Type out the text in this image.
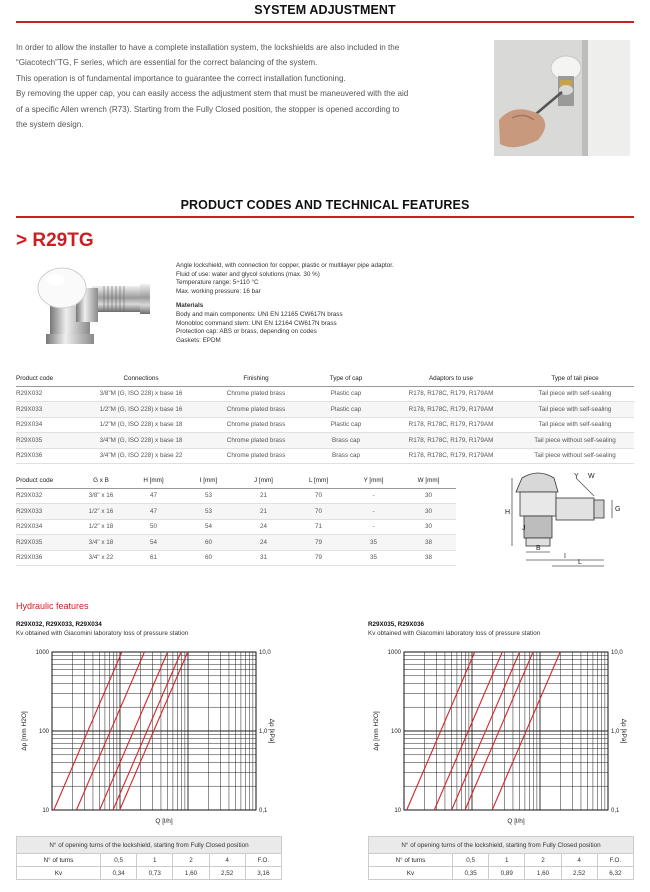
SYSTEM ADJUSTMENT
In order to allow the installer to have a complete installation system, the lockshields are also included in the
“Giacotech”TG, F series, which are essential for the correct balancing of the system.
This operation is of fundamental importance to guarantee the correct installation functioning.
By removing the upper cap, you can easily access the adjustment stem that must be maneuvered with the aid
of a specific Allen wrench (R73). Starting from the Fully Closed position, the stopper is opened according to
the system design.
PRODUCT CODES AND TECHNICAL FEATURES
> R29TG
Angle lockshield, with connection for copper, plastic or multilayer pipe adaptor.
Fluid of use: water and glycol solutions (max. 30 %)
Temperature range: 5÷110 °C
Max. working pressure: 16 bar
Materials
Body and main components: UNI EN 12165 CW617N brass
Monobloc command stem: UNI EN 12164 CW617N brass
Protection cap: ABS or brass, depending on codes
Gaskets: EPDM
Product code	Connections	Finishing	Type of cap	Adaptors to use	Type of tail piece
R29X032	3/8"M (G, ISO 228) x base 16	Chrome plated brass	Plastic cap	R178, R178C, R179, R179AM	Tail piece with self-sealing
R29X033	1/2"M (G, ISO 228) x base 16	Chrome plated brass	Plastic cap	R178, R178C, R179, R179AM	Tail piece with self-sealing
R29X034	1/2"M (G, ISO 228) x base 18	Chrome plated brass	Plastic cap	R178, R178C, R179, R179AM	Tail piece with self-sealing
R29X035	3/4"M (G, ISO 228) x base 18	Chrome plated brass	Brass cap	R178, R178C, R179, R179AM	Tail piece without self-sealing
R29X036	3/4"M (G, ISO 228) x base 22	Chrome plated brass	Brass cap	R178, R178C, R179, R179AM	Tail piece without self-sealing
Product code	G x B	H [mm]	I [mm]	J [mm]	L [mm]	Y [mm]	W [mm]
R29X032	3/8" x 16	47	53	21	70	-	30
R29X033	1/2" x 16	47	53	21	70	-	30
R29X034	1/2" x 18	50	54	24	71	-	30
R29X035	3/4" x 18	54	60	24	79	35	38
R29X036	3/4" x 22	61	60	31	79	35	38
H
Y W
G
B
J
I
L
Hydraulic features
R29X032, R29X033, R29X034
Kv obtained with Giacomini laboratory loss of pressure station
R29X035, R29X036
Kv obtained with Giacomini laboratory loss of pressure station
1000
100
10
10,0
1,0
0,1
Δp [mm H2O]	Δp [kPa]
Q [l/h]
1000
100
10
10,0
1,0
0,1
Δp [mm H2O]	Δp [kPa]
Q [l/h]
N° of opening turns of the lockshield, starting from Fully Closed position					
N° of turns	0,5	1	2	4	F.O.
Kv	0,34	0,73	1,60	2,52	3,16
N° of opening turns of the lockshield, starting from Fully Closed position					
N° of turns	0,5	1	2	4	F.O.
Kv	0,35	0,89	1,60	2,52	6,32
